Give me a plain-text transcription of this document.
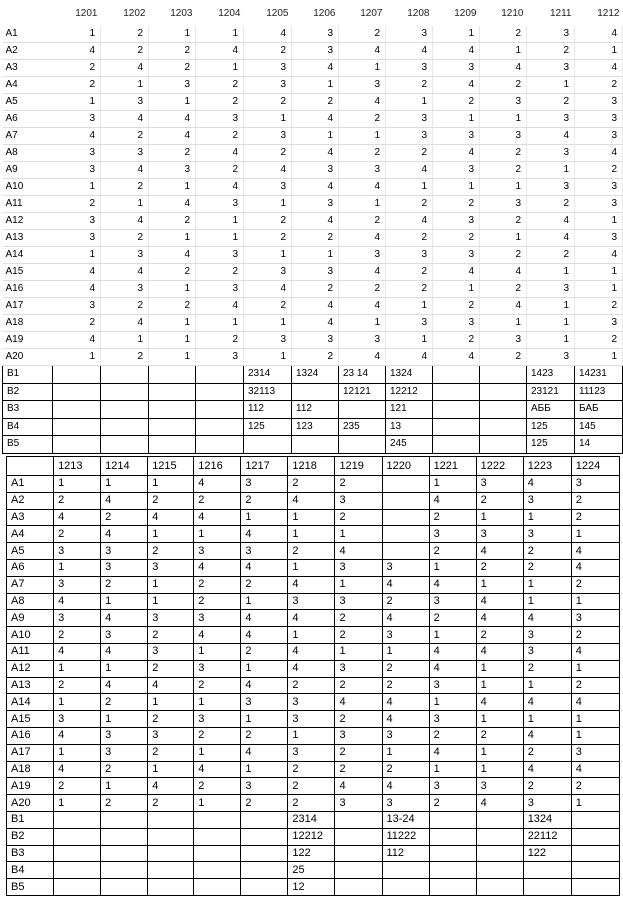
	1201	1202	1203	1204	1205	1206	1207	1208	1209	1210	1211	1212
A1	1	2	1	1	4	3	2	3	1	2	3	4
A2	4	2	2	4	2	3	4	4	4	1	2	1
A3	2	4	2	1	3	4	1	3	3	4	3	4
A4	2	1	3	2	3	1	3	2	4	2	1	2
A5	1	3	1	2	2	2	4	1	2	3	2	3
A6	3	4	4	3	1	4	2	3	1	1	3	3
A7	4	2	4	2	3	1	1	3	3	3	4	3
A8	3	3	2	4	2	4	2	2	4	2	3	4
A9	3	4	3	2	4	3	3	4	3	2	1	2
A10	1	2	1	4	3	4	4	1	1	1	3	3
A11	2	1	4	3	1	3	1	2	2	3	2	3
A12	3	4	2	1	2	4	2	4	3	2	4	1
A13	3	2	1	1	2	2	4	2	2	1	4	3
A14	1	3	4	3	1	1	3	3	3	2	2	4
A15	4	4	2	2	3	3	4	2	4	4	1	1
A16	4	3	1	3	4	2	2	2	1	2	3	1
A17	3	2	2	4	2	4	4	1	2	4	1	2
A18	2	4	1	1	1	4	1	3	3	1	1	3
A19	4	1	1	2	3	3	3	1	2	3	1	2
A20	1	2	1	3	1	2	4	4	4	2	3	1
B1					2314	1324	23 14	1324			1423	14231
B2					32113		12121	12212			23121	11123
B3					112	112		121			АББ	БАБ
B4					125	123	235	13			125	145
B5								245			125	14
	1213	1214	1215	1216	1217	1218	1219	1220	1221	1222	1223	1224
A1	1	1	1	4	3	2	2		1	3	4	3
A2	2	4	2	2	2	4	3		4	2	3	2
A3	4	2	4	4	1	1	2		2	1	1	2
A4	2	4	1	1	4	1	1		3	3	3	1
A5	3	3	2	3	3	2	4		2	4	2	4
A6	1	3	3	4	4	1	3	3	1	2	2	4
A7	3	2	1	2	2	4	1	4	4	1	1	2
A8	4	1	1	2	1	3	3	2	3	4	1	1
A9	3	4	3	3	4	4	2	4	2	4	4	3
A10	2	3	2	4	4	1	2	3	1	2	3	2
A11	4	4	3	1	2	4	1	1	4	4	3	4
A12	1	1	2	3	1	4	3	2	4	1	2	1
A13	2	4	4	2	4	2	2	2	3	1	1	2
A14	1	2	1	1	3	3	4	4	1	4	4	4
A15	3	1	2	3	1	3	2	4	3	1	1	1
A16	4	3	3	2	2	1	3	3	2	2	4	1
A17	1	3	2	1	4	3	2	1	4	1	2	3
A18	4	2	1	4	1	2	2	2	1	1	4	4
A19	2	1	4	2	3	2	4	4	3	3	2	2
A20	1	2	2	1	2	2	3	3	2	4	3	1
B1						2314		13-24			1324	
B2						12212		11222			22112	
B3						122		112			122	
B4						25						
B5						12						
